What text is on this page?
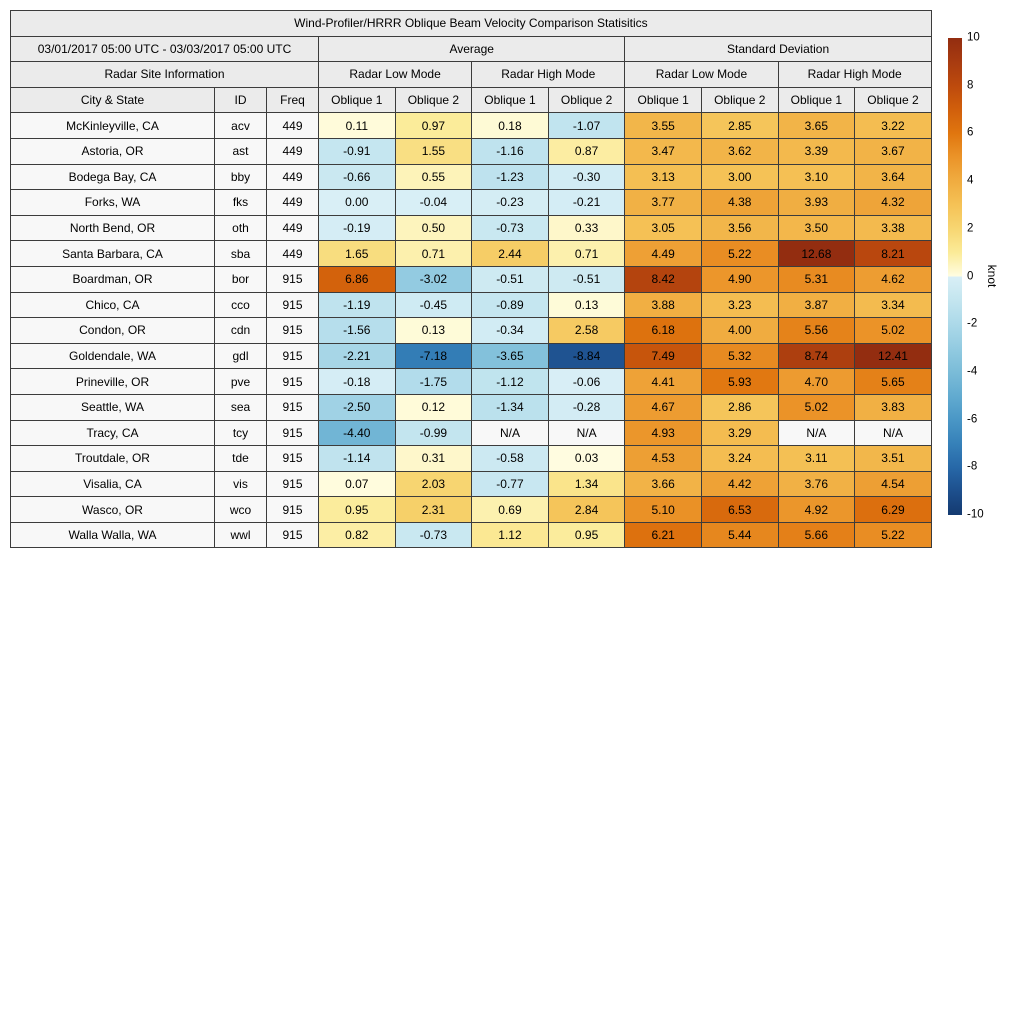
Wind-Profiler/HRRR Oblique Beam Velocity Comparison Statisitics										
03/01/2017 05:00 UTC - 03/03/2017 05:00 UTC			Average				Standard Deviation			
Radar Site Information			Radar Low Mode		Radar High Mode		Radar Low Mode		Radar High Mode	
City & State	ID	Freq	Oblique 1	Oblique 2	Oblique 1	Oblique 2	Oblique 1	Oblique 2	Oblique 1	Oblique 2
McKinleyville, CA	acv	449	0.11	0.97	0.18	-1.07	3.55	2.85	3.65	3.22
Astoria, OR	ast	449	-0.91	1.55	-1.16	0.87	3.47	3.62	3.39	3.67
Bodega Bay, CA	bby	449	-0.66	0.55	-1.23	-0.30	3.13	3.00	3.10	3.64
Forks, WA	fks	449	0.00	-0.04	-0.23	-0.21	3.77	4.38	3.93	4.32
North Bend, OR	oth	449	-0.19	0.50	-0.73	0.33	3.05	3.56	3.50	3.38
Santa Barbara, CA	sba	449	1.65	0.71	2.44	0.71	4.49	5.22	12.68	8.21
Boardman, OR	bor	915	6.86	-3.02	-0.51	-0.51	8.42	4.90	5.31	4.62
Chico, CA	cco	915	-1.19	-0.45	-0.89	0.13	3.88	3.23	3.87	3.34
Condon, OR	cdn	915	-1.56	0.13	-0.34	2.58	6.18	4.00	5.56	5.02
Goldendale, WA	gdl	915	-2.21	-7.18	-3.65	-8.84	7.49	5.32	8.74	12.41
Prineville, OR	pve	915	-0.18	-1.75	-1.12	-0.06	4.41	5.93	4.70	5.65
Seattle, WA	sea	915	-2.50	0.12	-1.34	-0.28	4.67	2.86	5.02	3.83
Tracy, CA	tcy	915	-4.40	-0.99	N/A	N/A	4.93	3.29	N/A	N/A
Troutdale, OR	tde	915	-1.14	0.31	-0.58	0.03	4.53	3.24	3.11	3.51
Visalia, CA	vis	915	0.07	2.03	-0.77	1.34	3.66	4.42	3.76	4.54
Wasco, OR	wco	915	0.95	2.31	0.69	2.84	5.10	6.53	4.92	6.29
Walla Walla, WA	wwl	915	0.82	-0.73	1.12	0.95	6.21	5.44	5.66	5.22
10
8
6
4
2
0
-2
-4
-6
-8
-10
knot
